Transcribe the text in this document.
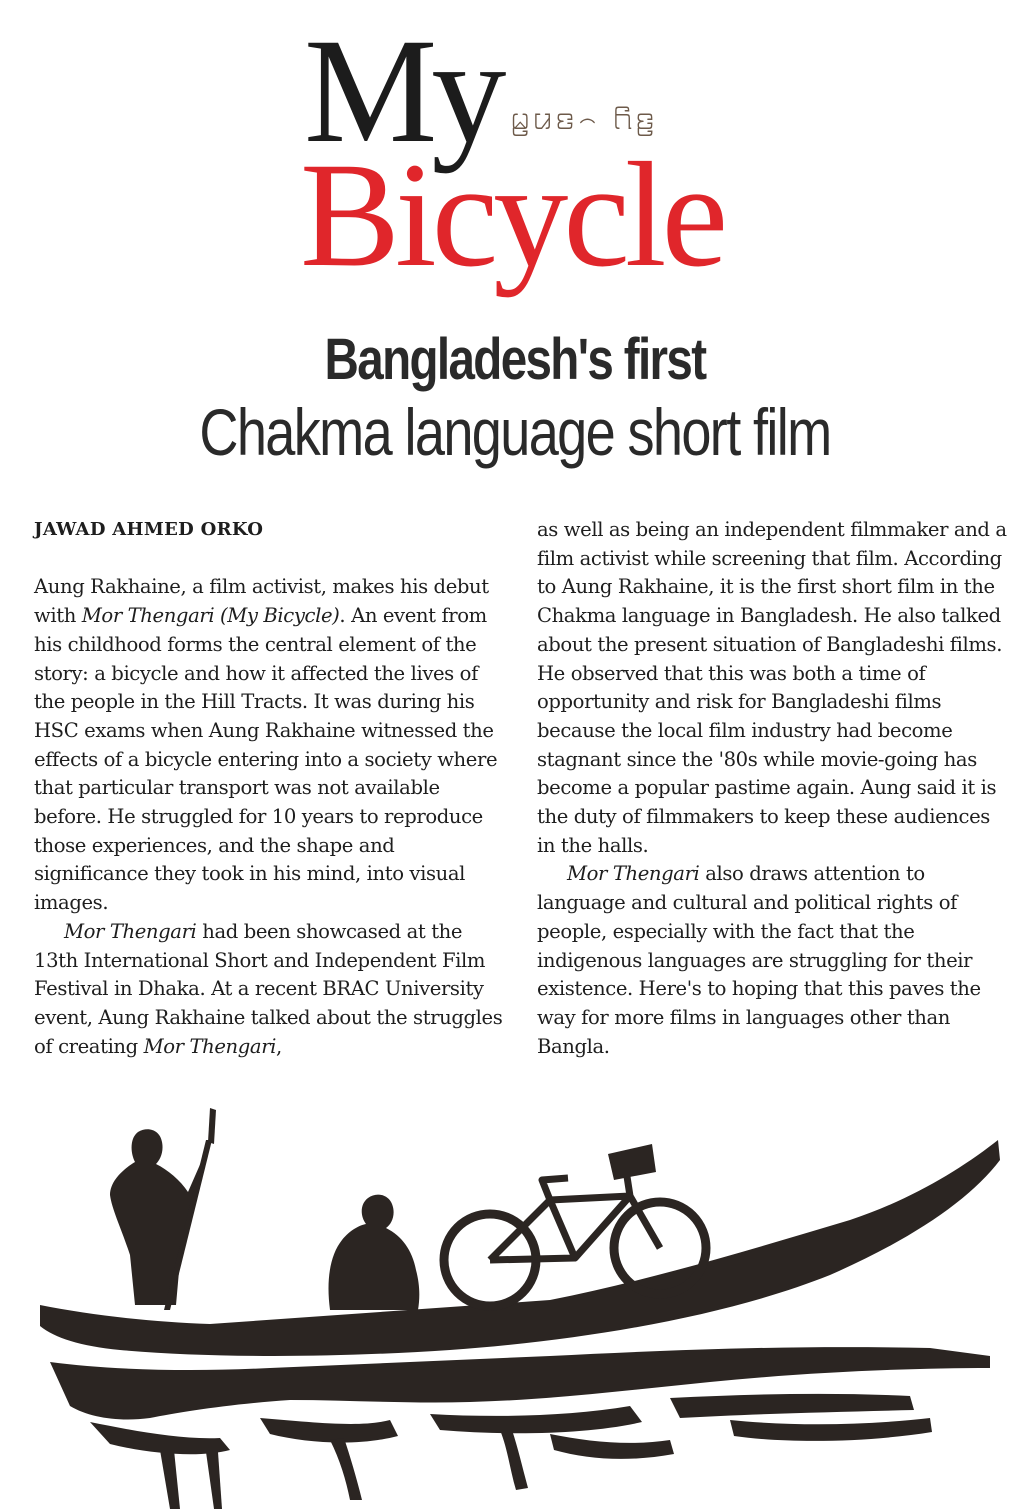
My ꤗ꤬ꤣꤢ꤮ ꤖꤢ꤬
Bicycle
Bangladesh's first
Chakma language short film

JAWAD AHMED ORKO

Aung Rakhaine, a film activist, makes his debut with Mor Thengari (My Bicycle). An event from his childhood forms the central element of the story: a bicycle and how it affected the lives of the people in the Hill Tracts. It was during his HSC exams when Aung Rakhaine witnessed the effects of a bicycle entering into a society where that particular transport was not available before. He struggled for 10 years to reproduce those experiences, and the shape and significance they took in his mind, into visual images.

Mor Thengari had been showcased at the 13th International Short and Independent Film Festival in Dhaka. At a recent BRAC University event, Aung Rakhaine talked about the struggles of creating Mor Thengari,

as well as being an independent filmmaker and a film activist while screening that film. According to Aung Rakhaine, it is the first short film in the Chakma language in Bangladesh. He also talked about the present situation of Bangladeshi films. He observed that this was both a time of opportunity and risk for Bangladeshi films because the local film industry had become stagnant since the '80s while movie-going has become a popular pastime again. Aung said it is the duty of filmmakers to keep these audiences in the halls.

Mor Thengari also draws attention to language and cultural and political rights of people, especially with the fact that the indigenous languages are struggling for their existence. Here's to hoping that this paves the way for more films in languages other than Bangla.
